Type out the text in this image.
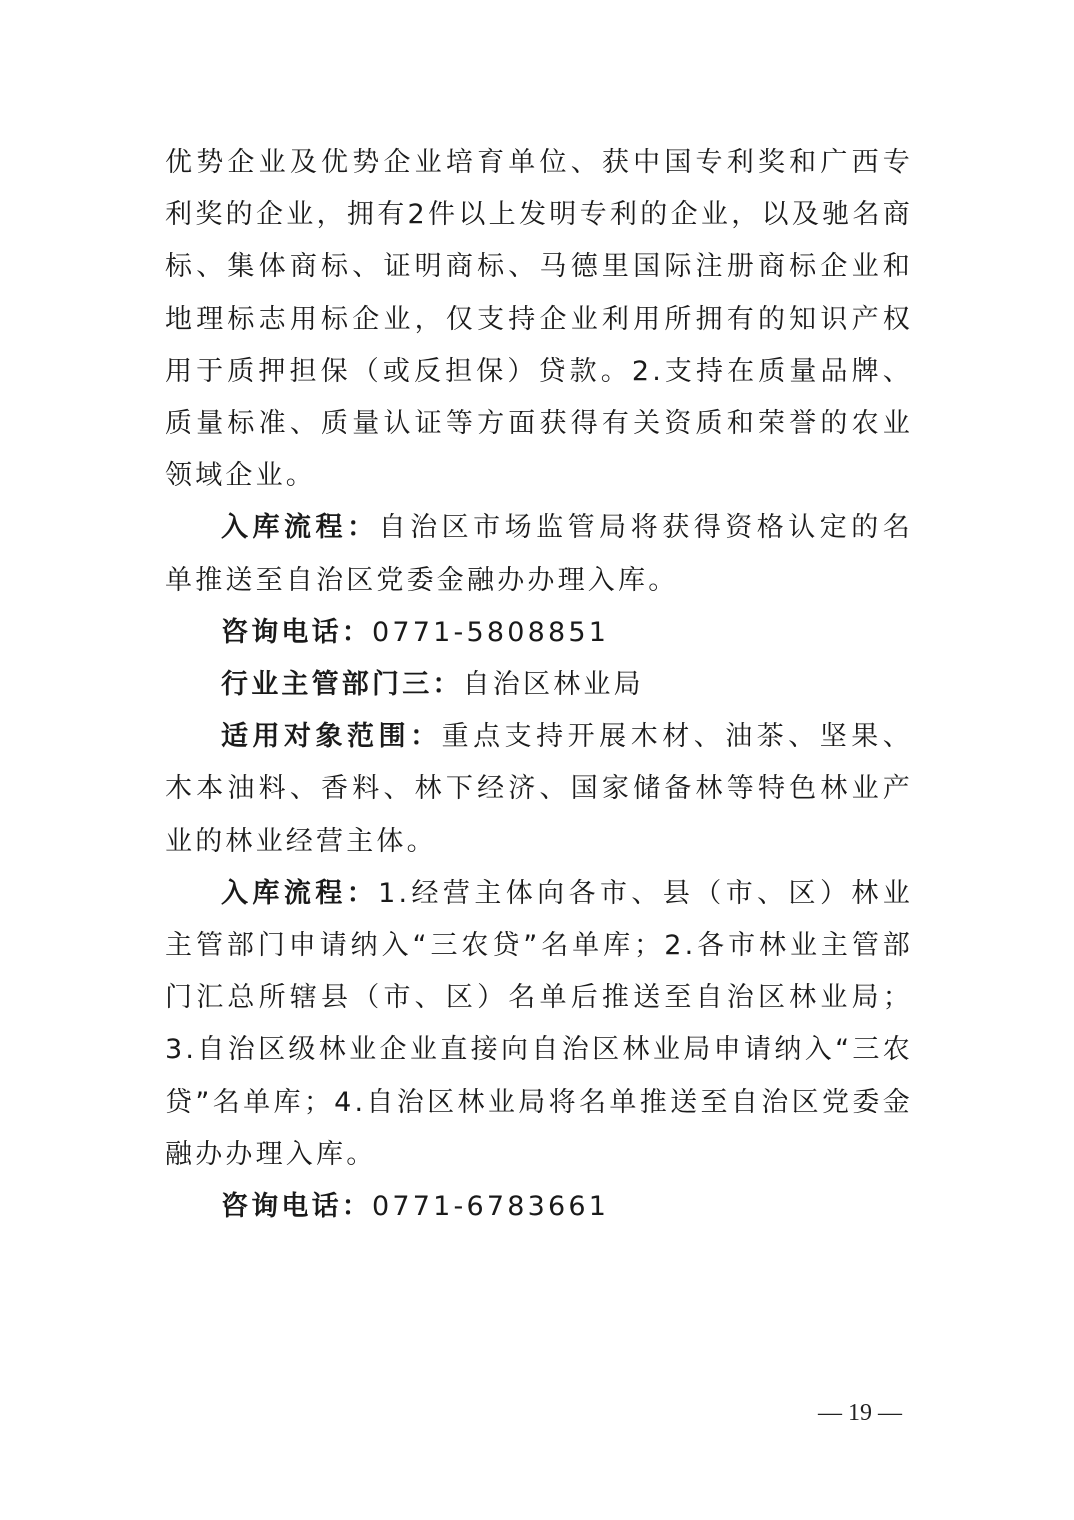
优势企业及优势企业培育单位、获中国专利奖和广西专利奖的企业，拥有2件以上发明专利的企业，以及驰名商标、集体商标、证明商标、马德里国际注册商标企业和地理标志用标企业，仅支持企业利用所拥有的知识产权用于质押担保（或反担保）贷款。2.支持在质量品牌、质量标准、质量认证等方面获得有关资质和荣誉的农业领域企业。

入库流程：自治区市场监管局将获得资格认定的名单推送至自治区党委金融办办理入库。

咨询电话：0771-5808851

行业主管部门三：自治区林业局

适用对象范围：重点支持开展木材、油茶、坚果、木本油料、香料、林下经济、国家储备林等特色林业产业的林业经营主体。

入库流程：1.经营主体向各市、县（市、区）林业主管部门申请纳入“三农贷”名单库；2.各市林业主管部门汇总所辖县（市、区）名单后推送至自治区林业局；3.自治区级林业企业直接向自治区林业局申请纳入“三农贷”名单库；4.自治区林业局将名单推送至自治区党委金融办办理入库。

咨询电话：0771-6783661

— 19 —
